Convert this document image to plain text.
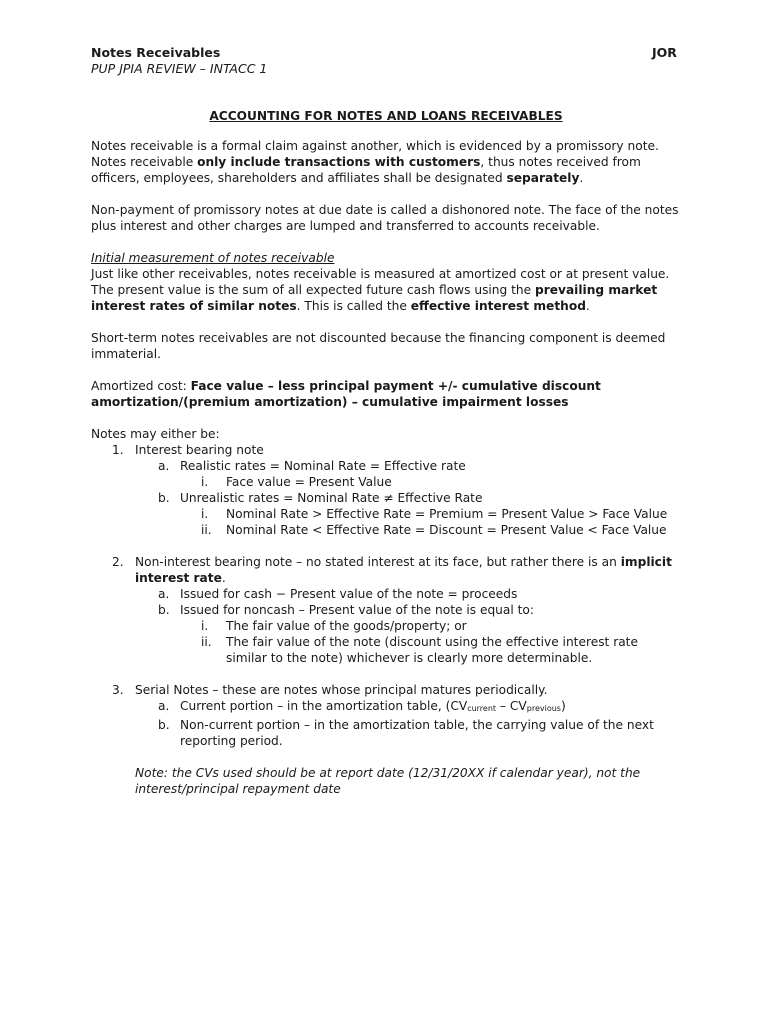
Notes Receivables	JOR
PUP JPIA REVIEW – INTACC 1
ACCOUNTING FOR NOTES AND LOANS RECEIVABLES

Notes receivable is a formal claim against another, which is evidenced by a promissory note. Notes receivable only include transactions with customers, thus notes received from officers, employees, shareholders and affiliates shall be designated separately.

Non-payment of promissory notes at due date is called a dishonored note. The face of the notes plus interest and other charges are lumped and transferred to accounts receivable.

Initial measurement of notes receivable
Just like other receivables, notes receivable is measured at amortized cost or at present value. The present value is the sum of all expected future cash flows using the prevailing market interest rates of similar notes. This is called the effective interest method.

Short-term notes receivables are not discounted because the financing component is deemed immaterial.

Amortized cost: Face value – less principal payment +/- cumulative discount amortization/(premium amortization) – cumulative impairment losses

Notes may either be:
1. Interest bearing note
a. Realistic rates = Nominal Rate = Effective rate
i. Face value = Present Value
b. Unrealistic rates = Nominal Rate ≠ Effective Rate
i. Nominal Rate > Effective Rate = Premium = Present Value > Face Value
ii. Nominal Rate < Effective Rate = Discount = Present Value < Face Value
2. Non-interest bearing note – no stated interest at its face, but rather there is an implicit interest rate.
a. Issued for cash − Present value of the note = proceeds
b. Issued for noncash – Present value of the note is equal to:
i. The fair value of the goods/property; or
ii. The fair value of the note (discount using the effective interest rate similar to the note) whichever is clearly more determinable.
3. Serial Notes – these are notes whose principal matures periodically.
a. Current portion – in the amortization table, $(CV_{current} - CV_{previous})$
b. Non-current portion – in the amortization table, the carrying value of the next reporting period.
Note: the CVs used should be at report date (12/31/20XX if calendar year), not the interest/principal repayment date
